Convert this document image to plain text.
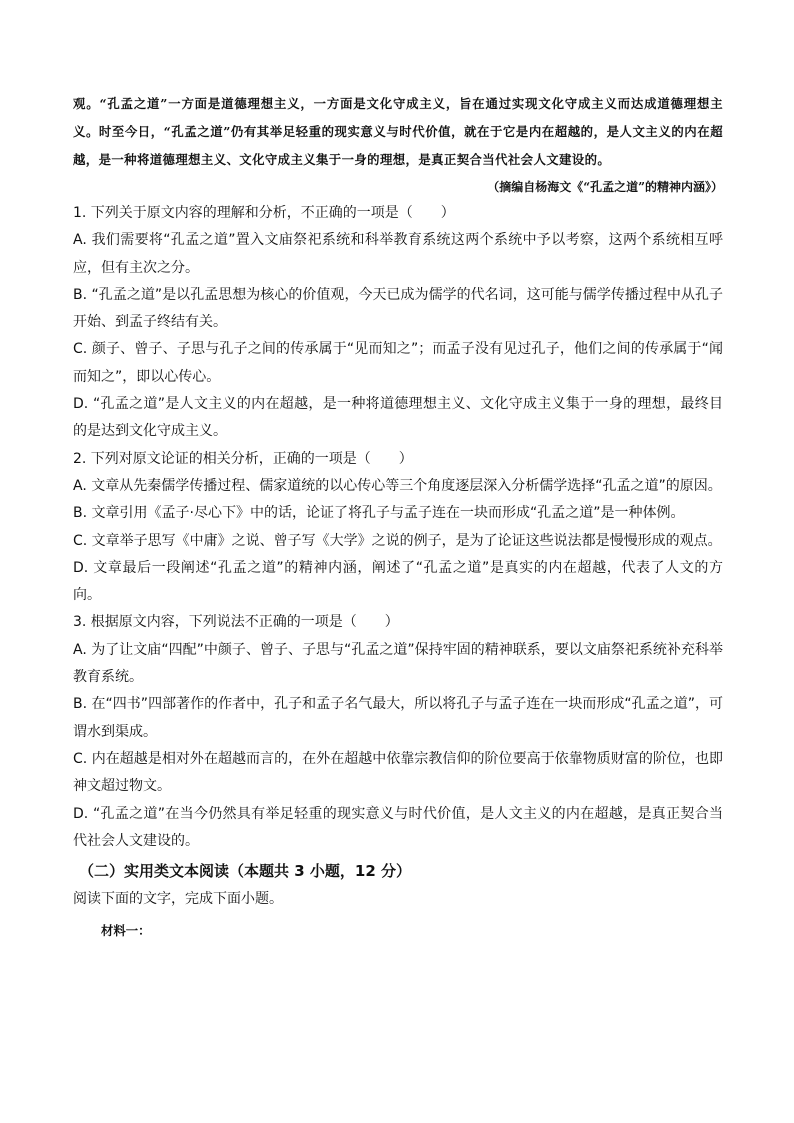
观。“孔孟之道”一方面是道德理想主义，一方面是文化守成主义，旨在通过实现文化守成主义而达成道德理想主义。时至今日，“孔孟之道”仍有其举足轻重的现实意义与时代价值，就在于它是内在超越的，是人文主义的内在超越，是一种将道德理想主义、文化守成主义集于一身的理想，是真正契合当代社会人文建设的。

（摘编自杨海文《“孔孟之道”的精神内涵》）

1. 下列关于原文内容的理解和分析，不正确的一项是（　　）

A. 我们需要将“孔孟之道”置入文庙祭祀系统和科举教育系统这两个系统中予以考察，这两个系统相互呼应，但有主次之分。

B. “孔孟之道”是以孔孟思想为核心的价值观，今天已成为儒学的代名词，这可能与儒学传播过程中从孔子开始、到孟子终结有关。

C. 颜子、曾子、子思与孔子之间的传承属于“见而知之”；而孟子没有见过孔子，他们之间的传承属于“闻而知之”，即以心传心。

D. “孔孟之道”是人文主义的内在超越，是一种将道德理想主义、文化守成主义集于一身的理想，最终目的是达到文化守成主义。

2. 下列对原文论证的相关分析，正确的一项是（　　）

A. 文章从先秦儒学传播过程、儒家道统的以心传心等三个角度逐层深入分析儒学选择“孔孟之道”的原因。

B. 文章引用《孟子·尽心下》中的话，论证了将孔子与孟子连在一块而形成“孔孟之道”是一种体例。

C. 文章举子思写《中庸》之说、曾子写《大学》之说的例子，是为了论证这些说法都是慢慢形成的观点。

D. 文章最后一段阐述“孔孟之道”的精神内涵，阐述了“孔孟之道”是真实的内在超越，代表了人文的方向。

3. 根据原文内容，下列说法不正确的一项是（　　）

A. 为了让文庙“四配”中颜子、曾子、子思与“孔孟之道”保持牢固的精神联系，要以文庙祭祀系统补充科举教育系统。

B. 在“四书”四部著作的作者中，孔子和孟子名气最大，所以将孔子与孟子连在一块而形成“孔孟之道”，可谓水到渠成。

C. 内在超越是相对外在超越而言的，在外在超越中依靠宗教信仰的阶位要高于依靠物质财富的阶位，也即神文超过物文。

D. “孔孟之道”在当今仍然具有举足轻重的现实意义与时代价值，是人文主义的内在超越，是真正契合当代社会人文建设的。

（二）实用类文本阅读（本题共 3 小题，12 分）

阅读下面的文字，完成下面小题。

材料一：
